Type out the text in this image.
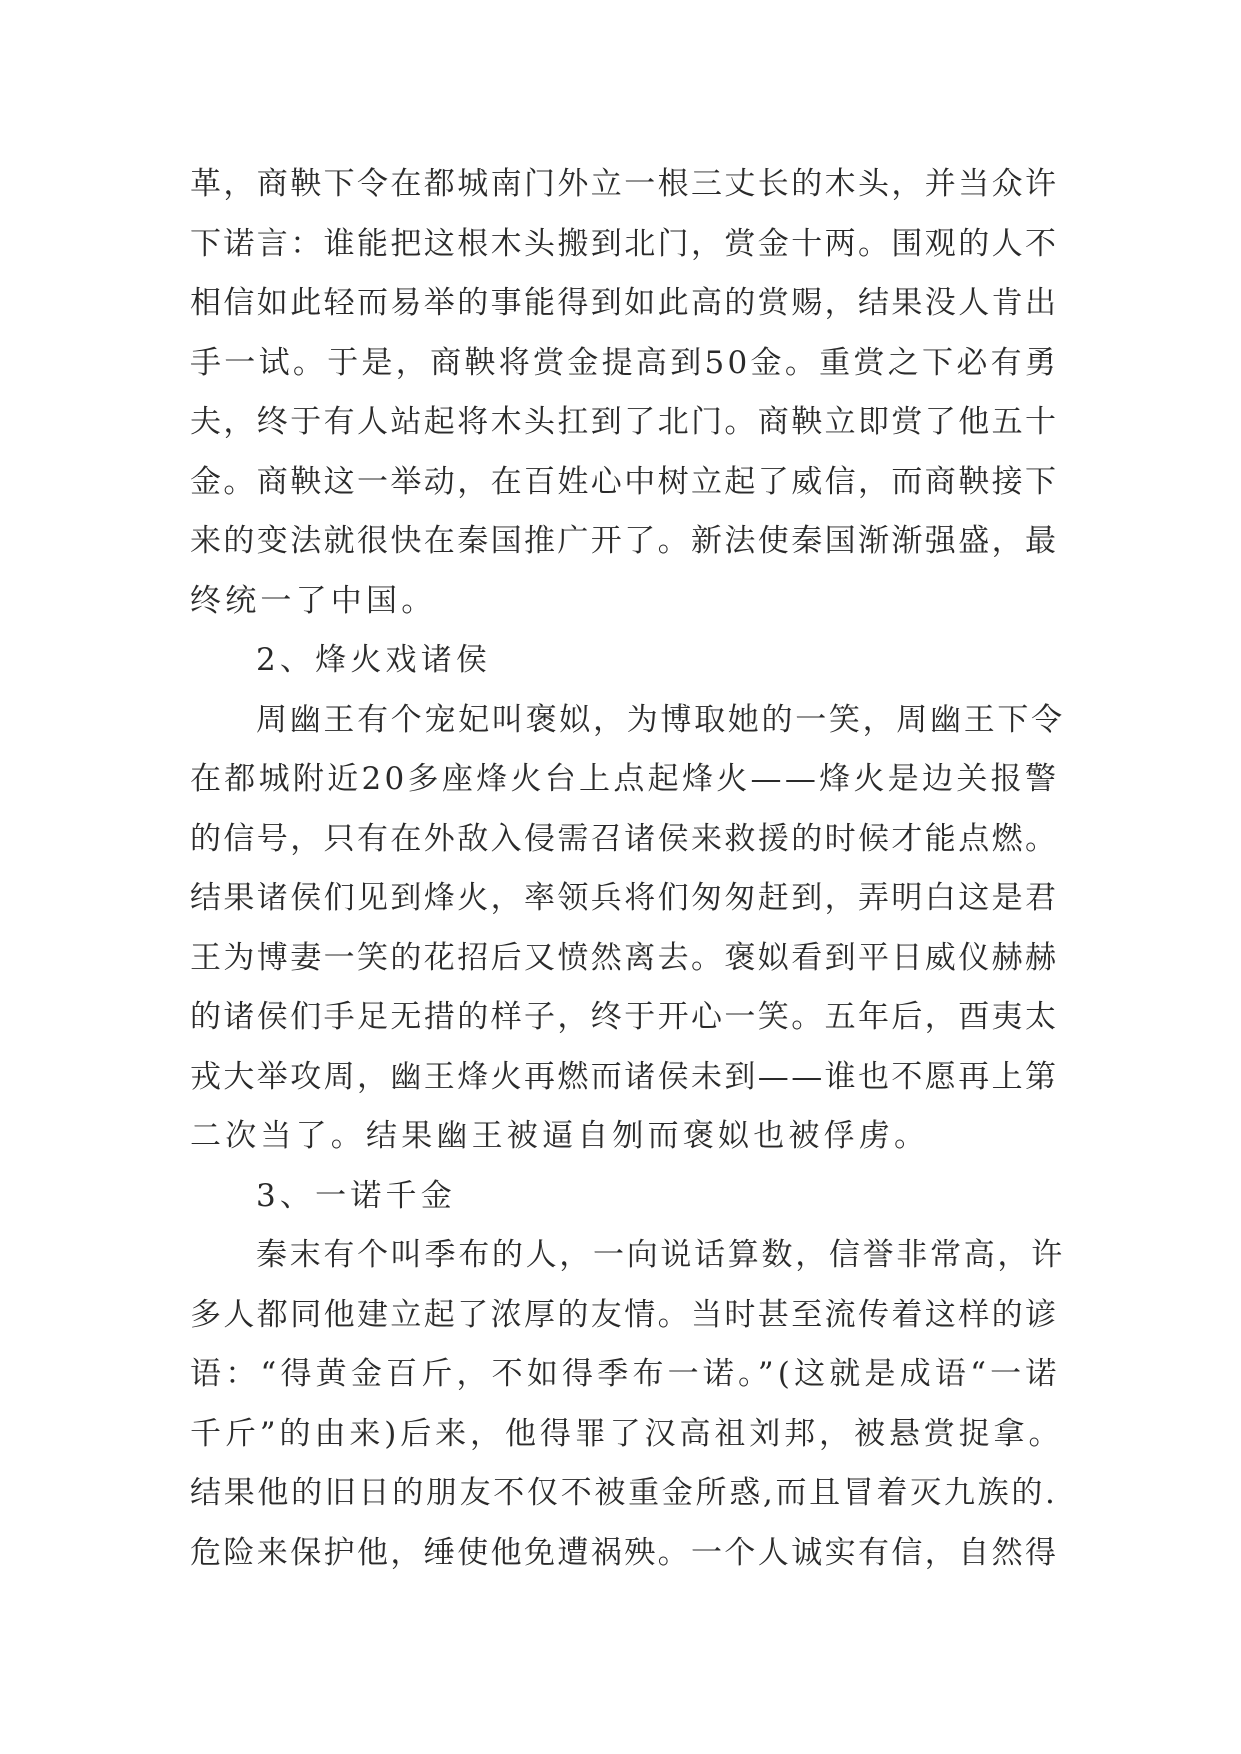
革，商鞅下令在都城南门外立一根三丈长的木头，并当众许
下诺言：谁能把这根木头搬到北门，赏金十两。围观的人不
相信如此轻而易举的事能得到如此高的赏赐，结果没人肯出
手一试。于是，商鞅将赏金提高到50金。重赏之下必有勇
夫，终于有人站起将木头扛到了北门。商鞅立即赏了他五十
金。商鞅这一举动，在百姓心中树立起了威信，而商鞅接下
来的变法就很快在秦国推广开了。新法使秦国渐渐强盛，最
终统一了中国。
2、烽火戏诸侯
周幽王有个宠妃叫褒姒，为博取她的一笑，周幽王下令
在都城附近20多座烽火台上点起烽火——烽火是边关报警
的信号，只有在外敌入侵需召诸侯来救援的时候才能点燃。
结果诸侯们见到烽火，率领兵将们匆匆赶到，弄明白这是君
王为博妻一笑的花招后又愤然离去。褒姒看到平日威仪赫赫
的诸侯们手足无措的样子，终于开心一笑。五年后，酉夷太
戎大举攻周，幽王烽火再燃而诸侯未到——谁也不愿再上第
二次当了。结果幽王被逼自刎而褒姒也被俘虏。
3、一诺千金
秦末有个叫季布的人，一向说话算数，信誉非常高，许
多人都同他建立起了浓厚的友情。当时甚至流传着这样的谚
语：“得黄金百斤，不如得季布一诺。”(这就是成语“一诺
千斤”的由来)后来，他得罪了汉高祖刘邦，被悬赏捉拿。
结果他的旧日的朋友不仅不被重金所惑,而且冒着灭九族的.
危险来保护他，缍使他免遭祸殃。一个人诚实有信，自然得
